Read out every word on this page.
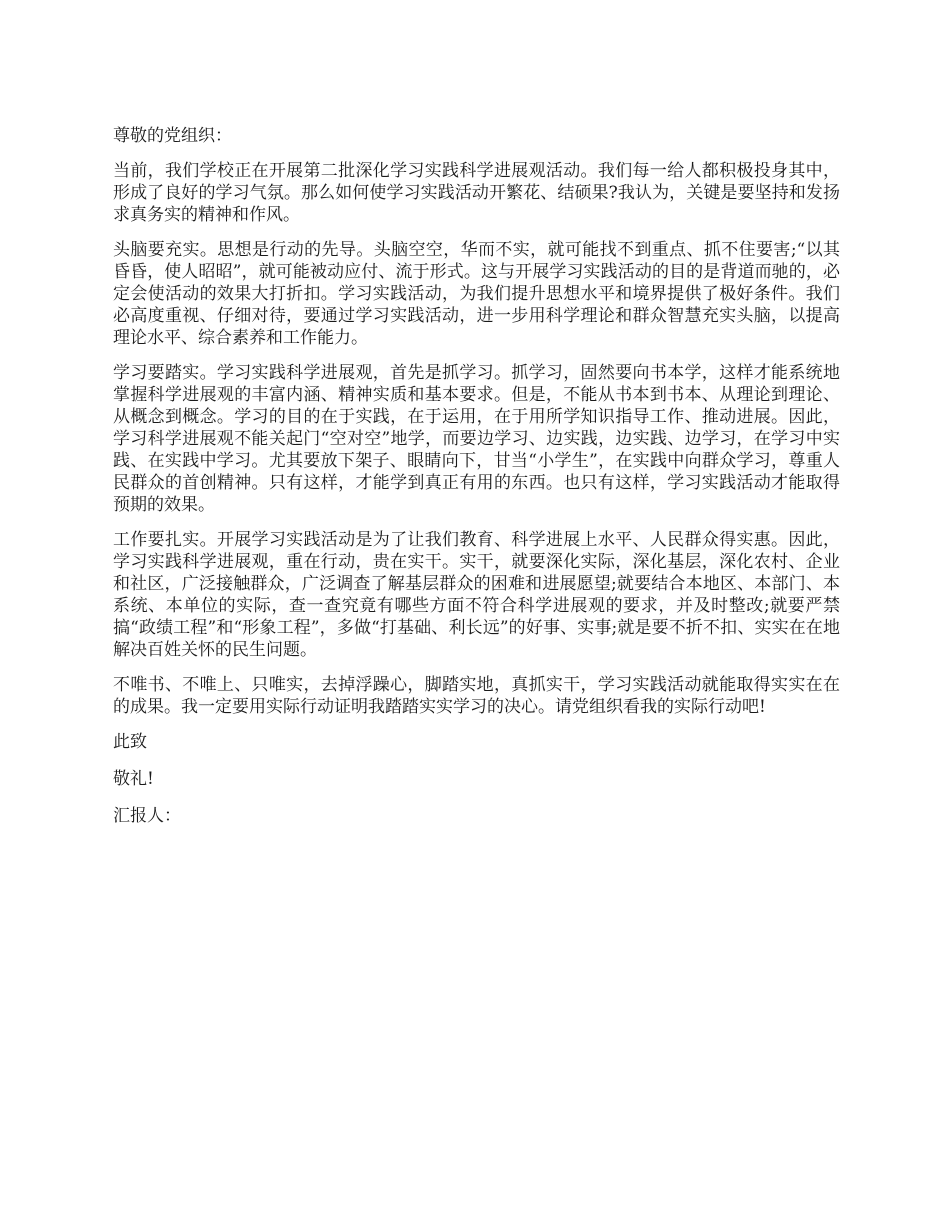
尊敬的党组织：

当前，我们学校正在开展第二批深化学习实践科学进展观活动。我们每一给人都积极投身其中，形成了良好的学习气氛。那么如何使学习实践活动开繁花、结硕果?我认为，关键是要坚持和发扬求真务实的精神和作风。

头脑要充实。思想是行动的先导。头脑空空，华而不实，就可能找不到重点、抓不住要害;“以其昏昏，使人昭昭”，就可能被动应付、流于形式。这与开展学习实践活动的目的是背道而驰的，必定会使活动的效果大打折扣。学习实践活动，为我们提升思想水平和境界提供了极好条件。我们必高度重视、仔细对待，要通过学习实践活动，进一步用科学理论和群众智慧充实头脑，以提高理论水平、综合素养和工作能力。

学习要踏实。学习实践科学进展观，首先是抓学习。抓学习，固然要向书本学，这样才能系统地掌握科学进展观的丰富内涵、精神实质和基本要求。但是，不能从书本到书本、从理论到理论、从概念到概念。学习的目的在于实践，在于运用，在于用所学知识指导工作、推动进展。因此，学习科学进展观不能关起门“空对空”地学，而要边学习、边实践，边实践、边学习，在学习中实践、在实践中学习。尤其要放下架子、眼睛向下，甘当“小学生”，在实践中向群众学习，尊重人民群众的首创精神。只有这样，才能学到真正有用的东西。也只有这样，学习实践活动才能取得预期的效果。

工作要扎实。开展学习实践活动是为了让我们教育、科学进展上水平、人民群众得实惠。因此，学习实践科学进展观，重在行动，贵在实干。实干，就要深化实际，深化基层，深化农村、企业和社区，广泛接触群众，广泛调查了解基层群众的困难和进展愿望;就要结合本地区、本部门、本系统、本单位的实际，查一查究竟有哪些方面不符合科学进展观的要求，并及时整改;就要严禁搞“政绩工程”和“形象工程”，多做“打基础、利长远”的好事、实事;就是要不折不扣、实实在在地解决百姓关怀的民生问题。

不唯书、不唯上、只唯实，去掉浮躁心，脚踏实地，真抓实干，学习实践活动就能取得实实在在的成果。我一定要用实际行动证明我踏踏实实学习的决心。请党组织看我的实际行动吧!

此致

敬礼!

汇报人：
